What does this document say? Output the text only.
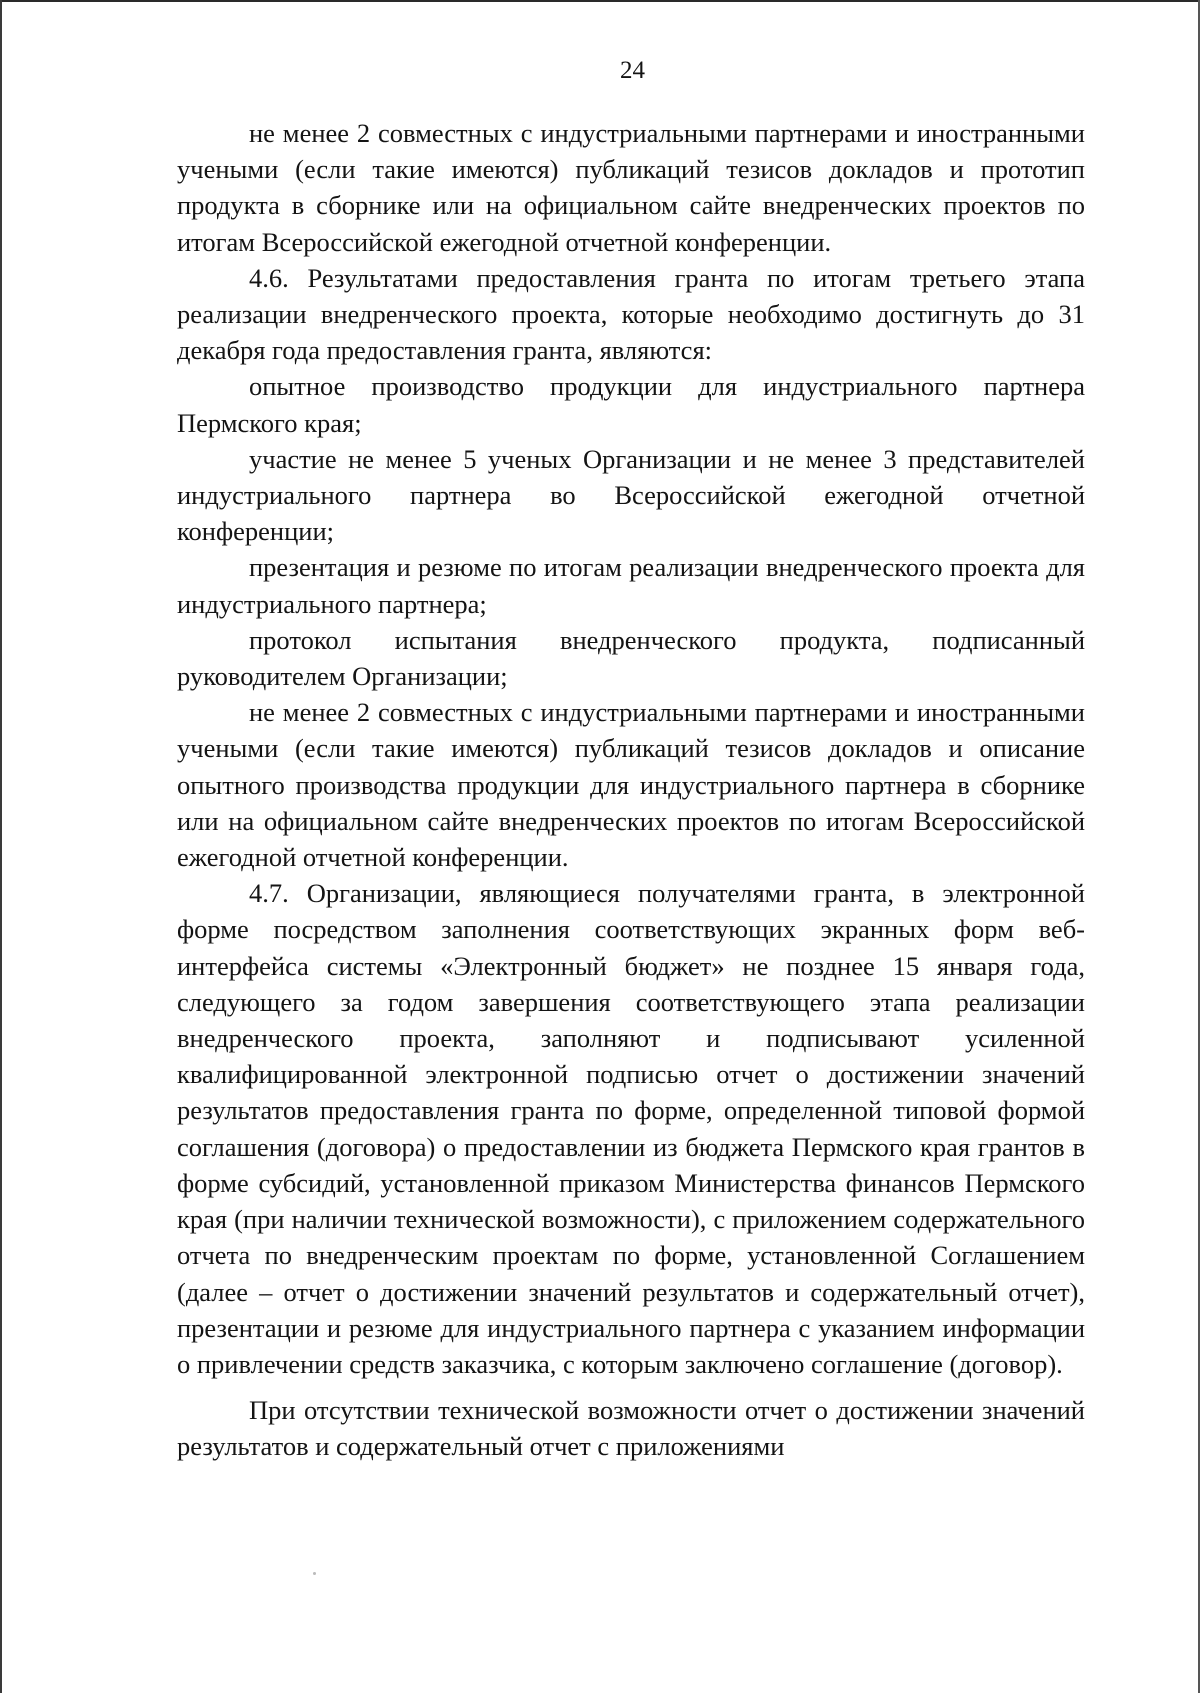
24

не менее 2 совместных с индустриальными партнерами и иностранными учеными (если такие имеются) публикаций тезисов докладов и прототип продукта в сборнике или на официальном сайте внедренческих проектов по итогам Всероссийской ежегодной отчетной конференции.

4.6. Результатами предоставления гранта по итогам третьего этапа реализации внедренческого проекта, которые необходимо достигнуть до 31 декабря года предоставления гранта, являются:

опытное производство продукции для индустриального партнера Пермского края;

участие не менее 5 ученых Организации и не менее 3 представителей индустриального партнера во Всероссийской ежегодной отчетной конференции;

презентация и резюме по итогам реализации внедренческого проекта для индустриального партнера;

протокол испытания внедренческого продукта, подписанный руководителем Организации;

не менее 2 совместных с индустриальными партнерами и иностранными учеными (если такие имеются) публикаций тезисов докладов и описание опытного производства продукции для индустриального партнера в сборнике или на официальном сайте внедренческих проектов по итогам Всероссийской ежегодной отчетной конференции.

4.7. Организации, являющиеся получателями гранта, в электронной форме посредством заполнения соответствующих экранных форм веб-интерфейса системы «Электронный бюджет» не позднее 15 января года, следующего за годом завершения соответствующего этапа реализации внедренческого проекта, заполняют и подписывают усиленной квалифицированной электронной подписью отчет о достижении значений результатов предоставления гранта по форме, определенной типовой формой соглашения (договора) о предоставлении из бюджета Пермского края грантов в форме субсидий, установленной приказом Министерства финансов Пермского края (при наличии технической возможности), с приложением содержательного отчета по внедренческим проектам по форме, установленной Соглашением (далее – отчет о достижении значений результатов и содержательный отчет), презентации и резюме для индустриального партнера с указанием информации о привлечении средств заказчика, с которым заключено соглашение (договор).

При отсутствии технической возможности отчет о достижении значений результатов и содержательный отчет с приложениями
